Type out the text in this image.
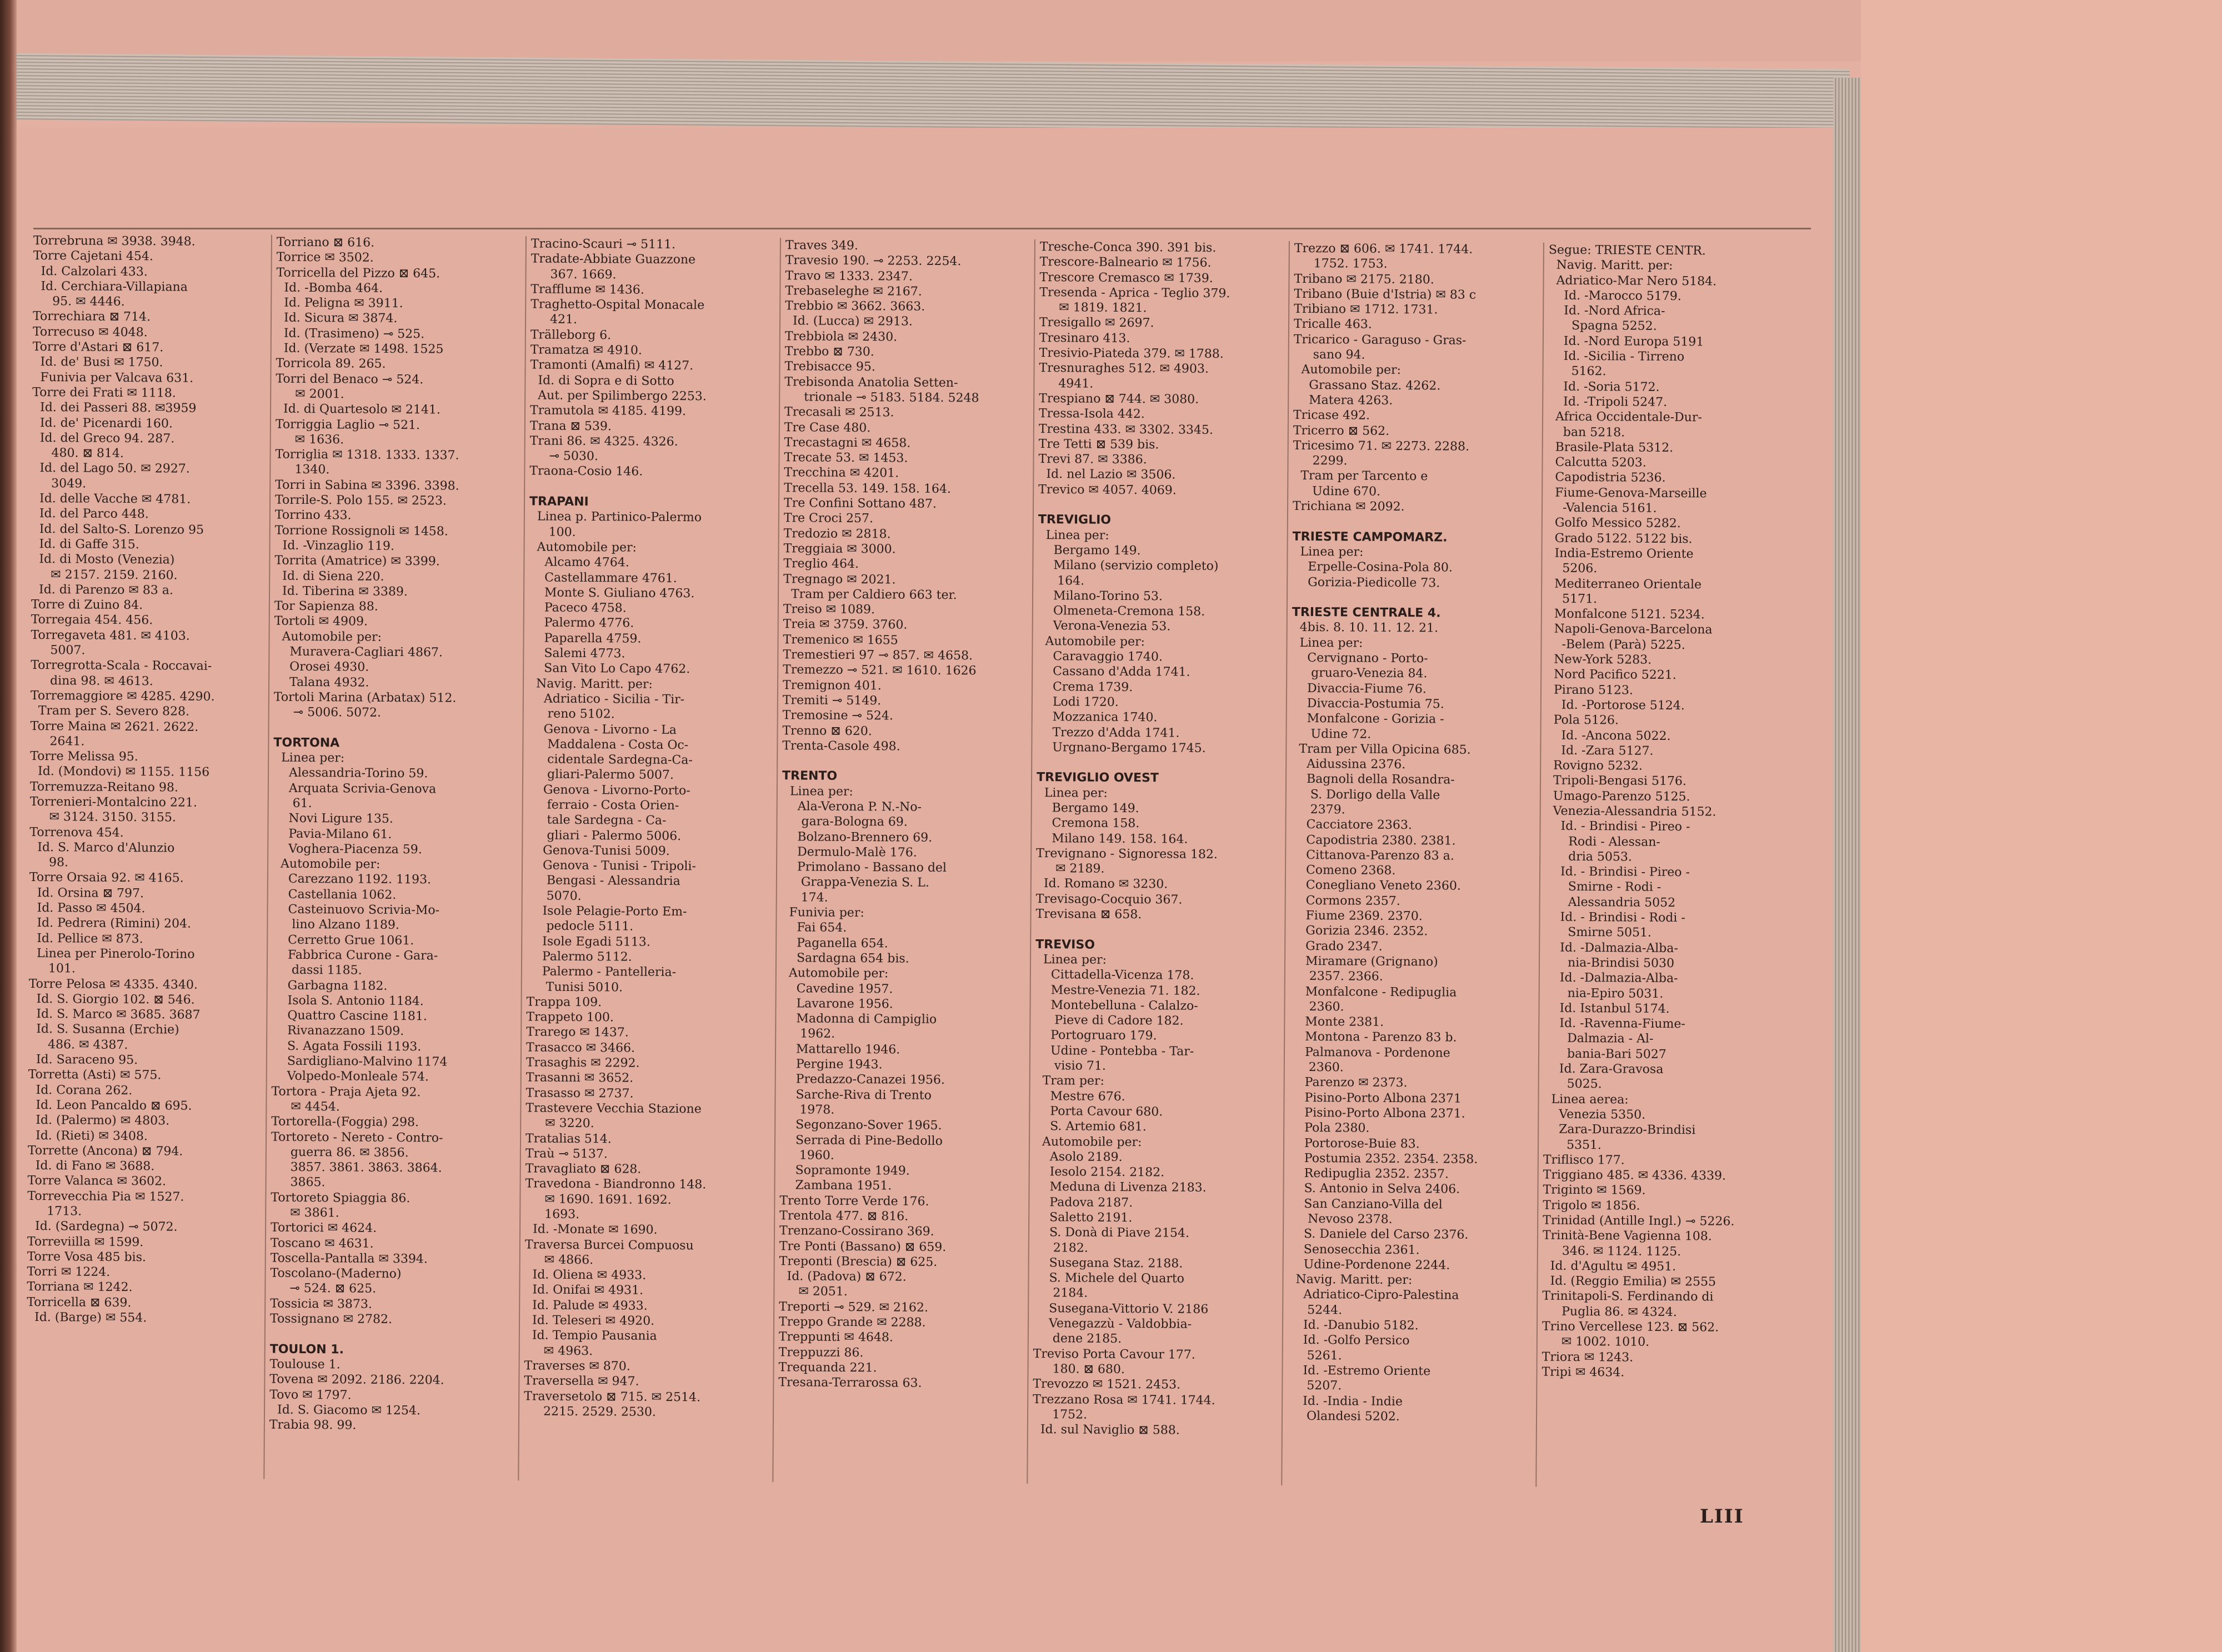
Torrebruna ✉ 3938. 3948.
Torre Cajetani 454.
Id. Calzolari 433.
Id. Cerchiara-Villapiana
95. ✉ 4446.
Torrechiara ⊠ 714.
Torrecuso ✉ 4048.
Torre d'Astari ⊠ 617.
Id. de' Busi ✉ 1750.
Funivia per Valcava 631.
Torre dei Frati ✉ 1118.
Id. dei Passeri 88. ✉3959
Id. de' Picenardi 160.
Id. del Greco 94. 287.
480. ⊠ 814.
Id. del Lago 50. ✉ 2927.
3049.
Id. delle Vacche ✉ 4781.
Id. del Parco 448.
Id. del Salto-S. Lorenzo 95
Id. di Gaffe 315.
Id. di Mosto (Venezia)
✉ 2157. 2159. 2160.
Id. di Parenzo ✉ 83 a.
Torre di Zuino 84.
Torregaia 454. 456.
Torregaveta 481. ✉ 4103.
5007.
Torregrotta-Scala - Roccavai-
dina 98. ✉ 4613.
Torremaggiore ✉ 4285. 4290.
Tram per S. Severo 828.
Torre Maina ✉ 2621. 2622.
2641.
Torre Melissa 95.
Id. (Mondovi) ✉ 1155. 1156
Torremuzza-Reitano 98.
Torrenieri-Montalcino 221.
✉ 3124. 3150. 3155.
Torrenova 454.
Id. S. Marco d'Alunzio
98.
Torre Orsaia 92. ✉ 4165.
Id. Orsina ⊠ 797.
Id. Passo ✉ 4504.
Id. Pedrera (Rimini) 204.
Id. Pellice ✉ 873.
Linea per Pinerolo-Torino
101.
Torre Pelosa ✉ 4335. 4340.
Id. S. Giorgio 102. ⊠ 546.
Id. S. Marco ✉ 3685. 3687
Id. S. Susanna (Erchie)
486. ✉ 4387.
Id. Saraceno 95.
Torretta (Asti) ✉ 575.
Id. Corana 262.
Id. Leon Pancaldo ⊠ 695.
Id. (Palermo) ✉ 4803.
Id. (Rieti) ✉ 3408.
Torrette (Ancona) ⊠ 794.
Id. di Fano ✉ 3688.
Torre Valanca ✉ 3602.
Torrevecchia Pia ✉ 1527.
1713.
Id. (Sardegna) ⊸ 5072.
Torreviilla ✉ 1599.
Torre Vosa 485 bis.
Torri ✉ 1224.
Torriana ✉ 1242.
Torricella ⊠ 639.
Id. (Barge) ✉ 554.
Torriano ⊠ 616.
Torrice ✉ 3502.
Torricella del Pizzo ⊠ 645.
Id. -Bomba 464.
Id. Peligna ✉ 3911.
Id. Sicura ✉ 3874.
Id. (Trasimeno) ⊸ 525.
Id. (Verzate ✉ 1498. 1525
Torricola 89. 265.
Torri del Benaco ⊸ 524.
✉ 2001.
Id. di Quartesolo ✉ 2141.
Torriggia Laglio ⊸ 521.
✉ 1636.
Torriglia ✉ 1318. 1333. 1337.
1340.
Torri in Sabina ✉ 3396. 3398.
Torrile-S. Polo 155. ✉ 2523.
Torrino 433.
Torrione Rossignoli ✉ 1458.
Id. -Vinzaglio 119.
Torrita (Amatrice) ✉ 3399.
Id. di Siena 220.
Id. Tiberina ✉ 3389.
Tor Sapienza 88.
Tortoli ✉ 4909.
Automobile per:
Muravera-Cagliari 4867.
Orosei 4930.
Talana 4932.
Tortoli Marina (Arbatax) 512.
⊸ 5006. 5072.

TORTONA
Linea per:
Alessandria-Torino 59.
Arquata Scrivia-Genova
61.
Novi Ligure 135.
Pavia-Milano 61.
Voghera-Piacenza 59.
Automobile per:
Carezzano 1192. 1193.
Castellania 1062.
Casteinuovo Scrivia-Mo-
lino Alzano 1189.
Cerretto Grue 1061.
Fabbrica Curone - Gara-
dassi 1185.
Garbagna 1182.
Isola S. Antonio 1184.
Quattro Cascine 1181.
Rivanazzano 1509.
S. Agata Fossili 1193.
Sardigliano-Malvino 1174
Volpedo-Monleale 574.
Tortora - Praja Ajeta 92.
✉ 4454.
Tortorella-(Foggia) 298.
Tortoreto - Nereto - Contro-
guerra 86. ✉ 3856.
3857. 3861. 3863. 3864.
3865.
Tortoreto Spiaggia 86.
✉ 3861.
Tortorici ✉ 4624.
Toscano ✉ 4631.
Toscella-Pantalla ✉ 3394.
Toscolano-(Maderno)
⊸ 524. ⊠ 625.
Tossicia ✉ 3873.
Tossignano ✉ 2782.

TOULON 1.
Toulouse 1.
Tovena ✉ 2092. 2186. 2204.
Tovo ✉ 1797.
Id. S. Giacomo ✉ 1254.
Trabia 98. 99.
Tracino-Scauri ⊸ 5111.
Tradate-Abbiate Guazzone
367. 1669.
Trafflume ✉ 1436.
Traghetto-Ospital Monacale
421.
Trälleborg 6.
Tramatza ✉ 4910.
Tramonti (Amalfi) ✉ 4127.
Id. di Sopra e di Sotto
Aut. per Spilimbergo 2253.
Tramutola ✉ 4185. 4199.
Trana ⊠ 539.
Trani 86. ✉ 4325. 4326.
⊸ 5030.
Traona-Cosio 146.

TRAPANI
Linea p. Partinico-Palermo
100.
Automobile per:
Alcamo 4764.
Castellammare 4761.
Monte S. Giuliano 4763.
Paceco 4758.
Palermo 4776.
Paparella 4759.
Salemi 4773.
San Vito Lo Capo 4762.
Navig. Maritt. per:
Adriatico - Sicilia - Tir-
reno 5102.
Genova - Livorno - La
Maddalena - Costa Oc-
cidentale Sardegna-Ca-
gliari-Palermo 5007.
Genova - Livorno-Porto-
ferraio - Costa Orien-
tale Sardegna - Ca-
gliari - Palermo 5006.
Genova-Tunisi 5009.
Genova - Tunisi - Tripoli-
Bengasi - Alessandria
5070.
Isole Pelagie-Porto Em-
pedocle 5111.
Isole Egadi 5113.
Palermo 5112.
Palermo - Pantelleria-
Tunisi 5010.
Trappa 109.
Trappeto 100.
Trarego ✉ 1437.
Trasacco ✉ 3466.
Trasaghis ✉ 2292.
Trasanni ✉ 3652.
Trasasso ✉ 2737.
Trastevere Vecchia Stazione
✉ 3220.
Tratalias 514.
Traù ⊸ 5137.
Travagliato ⊠ 628.
Travedona - Biandronno 148.
✉ 1690. 1691. 1692.
1693.
Id. -Monate ✉ 1690.
Traversa Burcei Compuosu
✉ 4866.
Id. Oliena ✉ 4933.
Id. Onifai ✉ 4931.
Id. Palude ✉ 4933.
Id. Teleseri ✉ 4920.
Id. Tempio Pausania
✉ 4963.
Traverses ✉ 870.
Traversella ✉ 947.
Traversetolo ⊠ 715. ✉ 2514.
2215. 2529. 2530.
Traves 349.
Travesio 190. ⊸ 2253. 2254.
Travo ✉ 1333. 2347.
Trebaseleghe ✉ 2167.
Trebbio ✉ 3662. 3663.
Id. (Lucca) ✉ 2913.
Trebbiola ✉ 2430.
Trebbo ⊠ 730.
Trebisacce 95.
Trebisonda Anatolia Setten-
trionale ⊸ 5183. 5184. 5248
Trecasali ✉ 2513.
Tre Case 480.
Trecastagni ✉ 4658.
Trecate 53. ✉ 1453.
Trecchina ✉ 4201.
Trecella 53. 149. 158. 164.
Tre Confini Sottano 487.
Tre Croci 257.
Tredozio ✉ 2818.
Treggiaia ✉ 3000.
Treglio 464.
Tregnago ✉ 2021.
Tram per Caldiero 663 ter.
Treiso ✉ 1089.
Treia ✉ 3759. 3760.
Tremenico ✉ 1655
Tremestieri 97 ⊸ 857. ✉ 4658.
Tremezzo ⊸ 521. ✉ 1610. 1626
Tremignon 401.
Tremiti ⊸ 5149.
Tremosine ⊸ 524.
Trenno ⊠ 620.
Trenta-Casole 498.

TRENTO
Linea per:
Ala-Verona P. N.-No-
gara-Bologna 69.
Bolzano-Brennero 69.
Dermulo-Malè 176.
Primolano - Bassano del
Grappa-Venezia S. L.
174.
Funivia per:
Fai 654.
Paganella 654.
Sardagna 654 bis.
Automobile per:
Cavedine 1957.
Lavarone 1956.
Madonna di Campiglio
1962.
Mattarello 1946.
Pergine 1943.
Predazzo-Canazei 1956.
Sarche-Riva di Trento
1978.
Segonzano-Sover 1965.
Serrada di Pine-Bedollo
1960.
Sopramonte 1949.
Zambana 1951.
Trento Torre Verde 176.
Trentola 477. ⊠ 816.
Trenzano-Cossirano 369.
Tre Ponti (Bassano) ⊠ 659.
Treponti (Brescia) ⊠ 625.
Id. (Padova) ⊠ 672.
✉ 2051.
Treporti ⊸ 529. ✉ 2162.
Treppo Grande ✉ 2288.
Treppunti ✉ 4648.
Treppuzzi 86.
Trequanda 221.
Tresana-Terrarossa 63.
Tresche-Conca 390. 391 bis.
Trescore-Balneario ✉ 1756.
Trescore Cremasco ✉ 1739.
Tresenda - Aprica - Teglio 379.
✉ 1819. 1821.
Tresigallo ✉ 2697.
Tresinaro 413.
Tresivio-Piateda 379. ✉ 1788.
Tresnuraghes 512. ✉ 4903.
4941.
Trespiano ⊠ 744. ✉ 3080.
Tressa-Isola 442.
Trestina 433. ✉ 3302. 3345.
Tre Tetti ⊠ 539 bis.
Trevi 87. ✉ 3386.
Id. nel Lazio ✉ 3506.
Trevico ✉ 4057. 4069.

TREVIGLIO
Linea per:
Bergamo 149.
Milano (servizio completo)
164.
Milano-Torino 53.
Olmeneta-Cremona 158.
Verona-Venezia 53.
Automobile per:
Caravaggio 1740.
Cassano d'Adda 1741.
Crema 1739.
Lodi 1720.
Mozzanica 1740.
Trezzo d'Adda 1741.
Urgnano-Bergamo 1745.

TREVIGLIO OVEST
Linea per:
Bergamo 149.
Cremona 158.
Milano 149. 158. 164.
Trevignano - Signoressa 182.
✉ 2189.
Id. Romano ✉ 3230.
Trevisago-Cocquio 367.
Trevisana ⊠ 658.

TREVISO
Linea per:
Cittadella-Vicenza 178.
Mestre-Venezia 71. 182.
Montebelluna - Calalzo-
Pieve di Cadore 182.
Portogruaro 179.
Udine - Pontebba - Tar-
visio 71.
Tram per:
Mestre 676.
Porta Cavour 680.
S. Artemio 681.
Automobile per:
Asolo 2189.
Iesolo 2154. 2182.
Meduna di Livenza 2183.
Padova 2187.
Saletto 2191.
S. Donà di Piave 2154.
2182.
Susegana Staz. 2188.
S. Michele del Quarto
2184.
Susegana-Vittorio V. 2186
Venegazzù - Valdobbia-
dene 2185.
Treviso Porta Cavour 177.
180. ⊠ 680.
Trevozzo ✉ 1521. 2453.
Trezzano Rosa ✉ 1741. 1744.
1752.
Id. sul Naviglio ⊠ 588.
Trezzo ⊠ 606. ✉ 1741. 1744.
1752. 1753.
Tribano ✉ 2175. 2180.
Tribano (Buie d'Istria) ✉ 83 c
Tribiano ✉ 1712. 1731.
Tricalle 463.
Tricarico - Garaguso - Gras-
sano 94.
Automobile per:
Grassano Staz. 4262.
Matera 4263.
Tricase 492.
Tricerro ⊠ 562.
Tricesimo 71. ✉ 2273. 2288.
2299.
Tram per Tarcento e
Udine 670.
Trichiana ✉ 2092.

TRIESTE CAMPOMARZ.
Linea per:
Erpelle-Cosina-Pola 80.
Gorizia-Piedicolle 73.

TRIESTE CENTRALE 4.
4bis. 8. 10. 11. 12. 21.
Linea per:
Cervignano - Porto-
gruaro-Venezia 84.
Divaccia-Fiume 76.
Divaccia-Postumia 75.
Monfalcone - Gorizia -
Udine 72.
Tram per Villa Opicina 685.
Aidussina 2376.
Bagnoli della Rosandra-
S. Dorligo della Valle
2379.
Cacciatore 2363.
Capodistria 2380. 2381.
Cittanova-Parenzo 83 a.
Comeno 2368.
Conegliano Veneto 2360.
Cormons 2357.
Fiume 2369. 2370.
Gorizia 2346. 2352.
Grado 2347.
Miramare (Grignano)
2357. 2366.
Monfalcone - Redipuglia
2360.
Monte 2381.
Montona - Parenzo 83 b.
Palmanova - Pordenone
2360.
Parenzo ✉ 2373.
Pisino-Porto Albona 2371
Pisino-Porto Albona 2371.
Pola 2380.
Portorose-Buie 83.
Postumia 2352. 2354. 2358.
Redipuglia 2352. 2357.
S. Antonio in Selva 2406.
San Canziano-Villa del
Nevoso 2378.
S. Daniele del Carso 2376.
Senosecchia 2361.
Udine-Pordenone 2244.
Navig. Maritt. per:
Adriatico-Cipro-Palestina
5244.
Id. -Danubio 5182.
Id. -Golfo Persico
5261.
Id. -Estremo Oriente
5207.
Id. -India - Indie
Olandesi 5202.
Segue: TRIESTE CENTR.
Navig. Maritt. per:
Adriatico-Mar Nero 5184.
Id. -Marocco 5179.
Id. -Nord Africa-
Spagna 5252.
Id. -Nord Europa 5191
Id. -Sicilia - Tirreno
5162.
Id. -Soria 5172.
Id. -Tripoli 5247.
Africa Occidentale-Dur-
ban 5218.
Brasile-Plata 5312.
Calcutta 5203.
Capodistria 5236.
Fiume-Genova-Marseille
-Valencia 5161.
Golfo Messico 5282.
Grado 5122. 5122 bis.
India-Estremo Oriente
5206.
Mediterraneo Orientale
5171.
Monfalcone 5121. 5234.
Napoli-Genova-Barcelona
-Belem (Parà) 5225.
New-York 5283.
Nord Pacifico 5221.
Pirano 5123.
Id. -Portorose 5124.
Pola 5126.
Id. -Ancona 5022.
Id. -Zara 5127.
Rovigno 5232.
Tripoli-Bengasi 5176.
Umago-Parenzo 5125.
Venezia-Alessandria 5152.
Id. - Brindisi - Pireo -
Rodi - Alessan-
dria 5053.
Id. - Brindisi - Pireo -
Smirne - Rodi -
Alessandria 5052
Id. - Brindisi - Rodi -
Smirne 5051.
Id. -Dalmazia-Alba-
nia-Brindisi 5030
Id. -Dalmazia-Alba-
nia-Epiro 5031.
Id. Istanbul 5174.
Id. -Ravenna-Fiume-
Dalmazia - Al-
bania-Bari 5027
Id. Zara-Gravosa
5025.
Linea aerea:
Venezia 5350.
Zara-Durazzo-Brindisi
5351.
Triflisco 177.
Triggiano 485. ✉ 4336. 4339.
Triginto ✉ 1569.
Trigolo ✉ 1856.
Trinidad (Antille Ingl.) ⊸ 5226.
Trinità-Bene Vagienna 108.
346. ✉ 1124. 1125.
Id. d'Agultu ✉ 4951.
Id. (Reggio Emilia) ✉ 2555
Trinitapoli-S. Ferdinando di
Puglia 86. ✉ 4324.
Trino Vercellese 123. ⊠ 562.
✉ 1002. 1010.
Triora ✉ 1243.
Tripi ✉ 4634.
LIII
